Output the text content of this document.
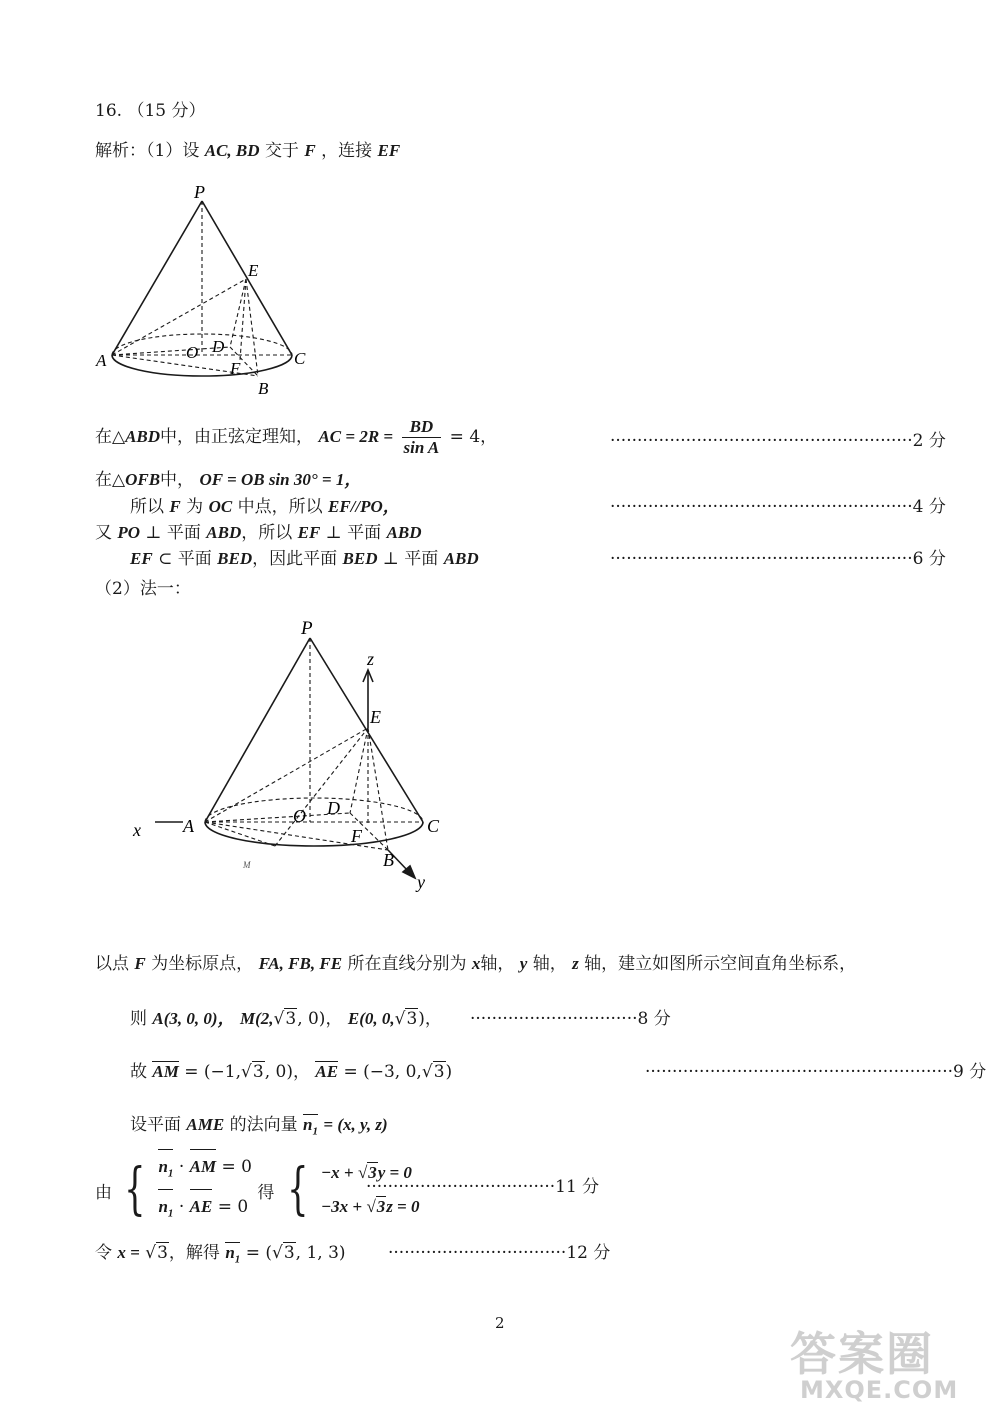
16. （15 分）
解析：（1）设 AC, BD 交于 F ，连接 EF
P
E
A	O D
F
C
B
在△ABD中，由正弦定理知， AC = $2R = \frac{BD}{\text{sin A}} = 4$，	························································2 分
在△OFB中， OF = OB sin 30° = 1，
所以 F 为 OC 中点，所以 EF//PO，	························································4 分
又 PO ⊥ 平面 ABD，所以 EF ⊥ 平面 ABD
EF ⊂ 平面 BED，因此平面 BED ⊥ 平面 ABD	························································6 分
（2）法一：
P
z
E
x A	O D
F	C
B
y
M
以点 F 为坐标原点， FA, FB, FE 所在直线分别为 x轴， y 轴， z 轴，建立如图所示空间直角坐标系，
则 A(3, 0, 0)， M(2,√3, 0)， E(0, 0,√3)， ·······························8 分
故 AM = (−1,√3, 0)， AE = (−3, 0,√3)	·························································9 分
设平面 AME 的法向量 $n_1 = (x$, y, z)
由 { $n_1$ · AM = 0
$n_1$ · AE = 0
得 { −x + √3y = 0
−3x + √3z = 0
···································11 分
令 x = √3，解得 $n_1 = (√3$, 1, 3) ·································12 分
2
答案圈
MXQE.COM
